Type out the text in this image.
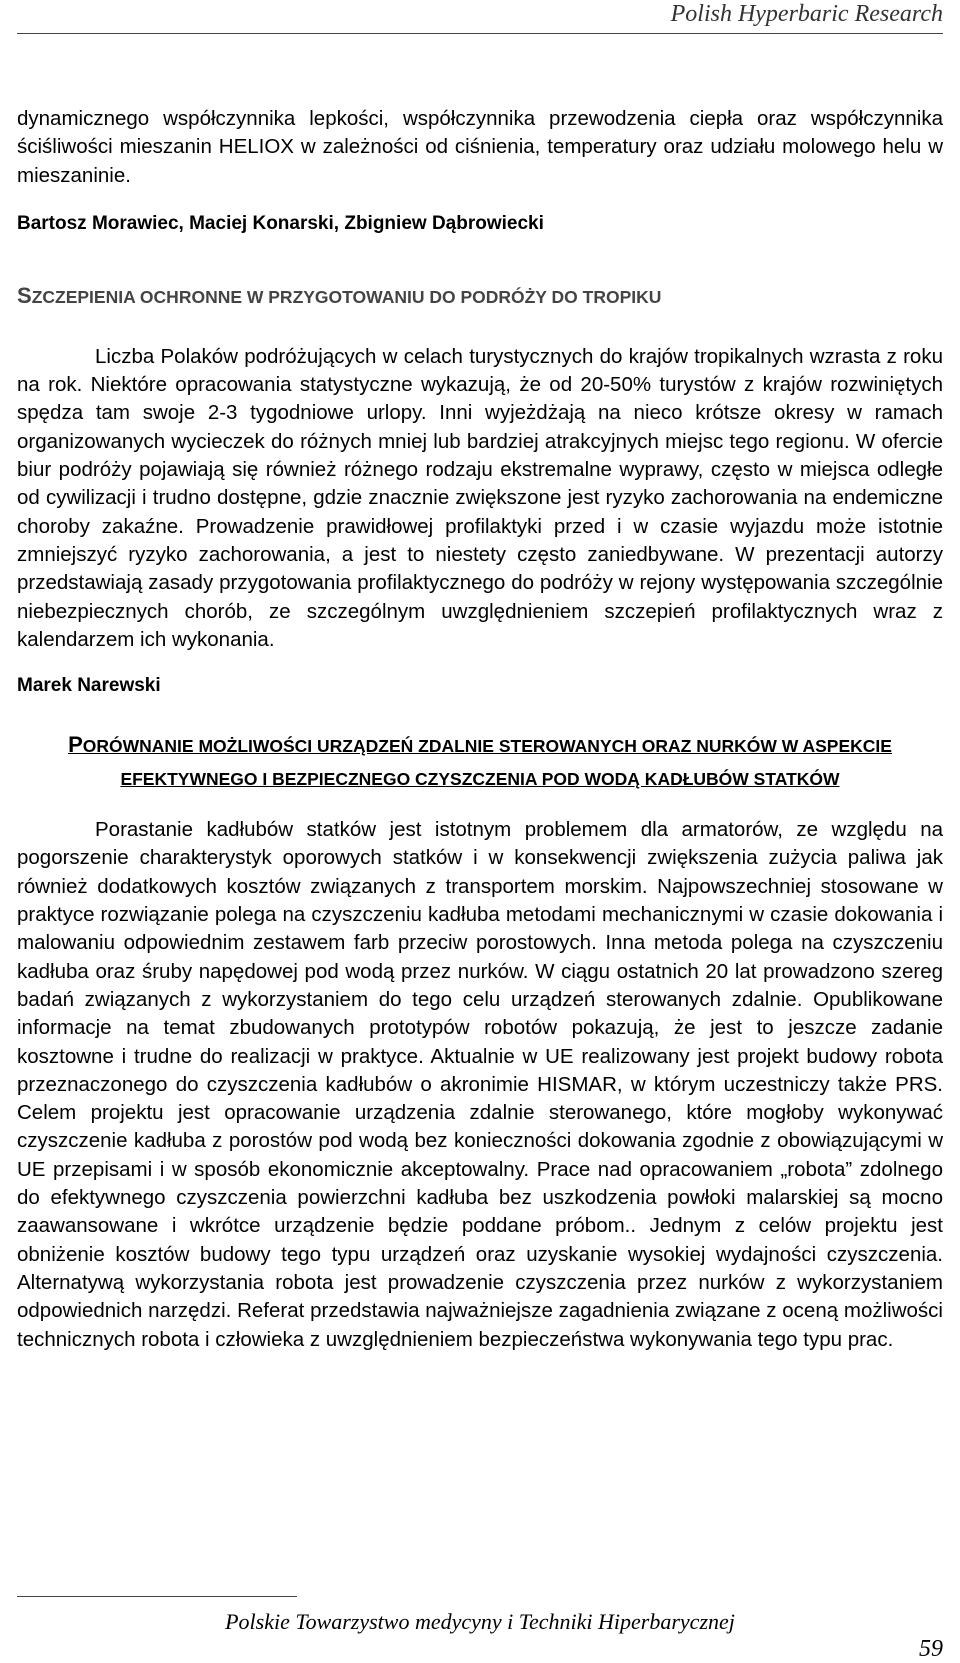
Polish Hyperbaric Research

dynamicznego współczynnika lepkości, współczynnika przewodzenia ciepła oraz współczynnika ściśliwości mieszanin HELIOX w zależności od ciśnienia, temperatury oraz udziału molowego helu w mieszaninie.

Bartosz Morawiec, Maciej Konarski, Zbigniew Dąbrowiecki

SZCZEPIENIA OCHRONNE W PRZYGOTOWANIU DO PODRÓŻY DO TROPIKU

Liczba Polaków podróżujących w celach turystycznych do krajów tropikalnych wzrasta z roku na rok. Niektóre opracowania statystyczne wykazują, że od 20-50% turystów z krajów rozwiniętych spędza tam swoje 2-3 tygodniowe urlopy. Inni wyjeżdżają na nieco krótsze okresy w ramach organizowanych wycieczek do różnych mniej lub bardziej atrakcyjnych miejsc tego regionu. W ofercie biur podróży pojawiają się również różnego rodzaju ekstremalne wyprawy, często w miejsca odległe od cywilizacji i trudno dostępne, gdzie znacznie zwiększone jest ryzyko zachorowania na endemiczne choroby zakaźne. Prowadzenie prawidłowej profilaktyki przed i w czasie wyjazdu może istotnie zmniejszyć ryzyko zachorowania, a jest to niestety często zaniedbywane. W prezentacji autorzy przedstawiają zasady przygotowania profilaktycznego do podróży w rejony występowania szczególnie niebezpiecznych chorób, ze szczególnym uwzględnieniem szczepień profilaktycznych wraz z kalendarzem ich wykonania.

Marek Narewski

PORÓWNANIE MOŻLIWOŚCI URZĄDZEŃ ZDALNIE STEROWANYCH ORAZ NURKÓW W ASPEKCIE EFEKTYWNEGO I BEZPIECZNEGO CZYSZCZENIA POD WODĄ KADŁUBÓW STATKÓW

Porastanie kadłubów statków jest istotnym problemem dla armatorów, ze względu na pogorszenie charakterystyk oporowych statków i w konsekwencji zwiększenia zużycia paliwa jak również dodatkowych kosztów związanych z transportem morskim. Najpowszechniej stosowane w praktyce rozwiązanie polega na czyszczeniu kadłuba metodami mechanicznymi w czasie dokowania i malowaniu odpowiednim zestawem farb przeciw porostowych. Inna metoda polega na czyszczeniu kadłuba oraz śruby napędowej pod wodą przez nurków. W ciągu ostatnich 20 lat prowadzono szereg badań związanych z wykorzystaniem do tego celu urządzeń sterowanych zdalnie. Opublikowane informacje na temat zbudowanych prototypów robotów pokazują, że jest to jeszcze zadanie kosztowne i trudne do realizacji w praktyce. Aktualnie w UE realizowany jest projekt budowy robota przeznaczonego do czyszczenia kadłubów o akronimie HISMAR, w którym uczestniczy także PRS. Celem projektu jest opracowanie urządzenia zdalnie sterowanego, które mogłoby wykonywać czyszczenie kadłuba z porostów pod wodą bez konieczności dokowania zgodnie z obowiązującymi w UE przepisami i w sposób ekonomicznie akceptowalny. Prace nad opracowaniem „robota” zdolnego do efektywnego czyszczenia powierzchni kadłuba bez uszkodzenia powłoki malarskiej są mocno zaawansowane i wkrótce urządzenie będzie poddane próbom.. Jednym z celów projektu jest obniżenie kosztów budowy tego typu urządzeń oraz uzyskanie wysokiej wydajności czyszczenia. Alternatywą wykorzystania robota jest prowadzenie czyszczenia przez nurków z wykorzystaniem odpowiednich narzędzi. Referat przedstawia najważniejsze zagadnienia związane z oceną możliwości technicznych robota i człowieka z uwzględnieniem bezpieczeństwa wykonywania tego typu prac.

Polskie Towarzystwo medycyny i Techniki Hiperbarycznej
59
